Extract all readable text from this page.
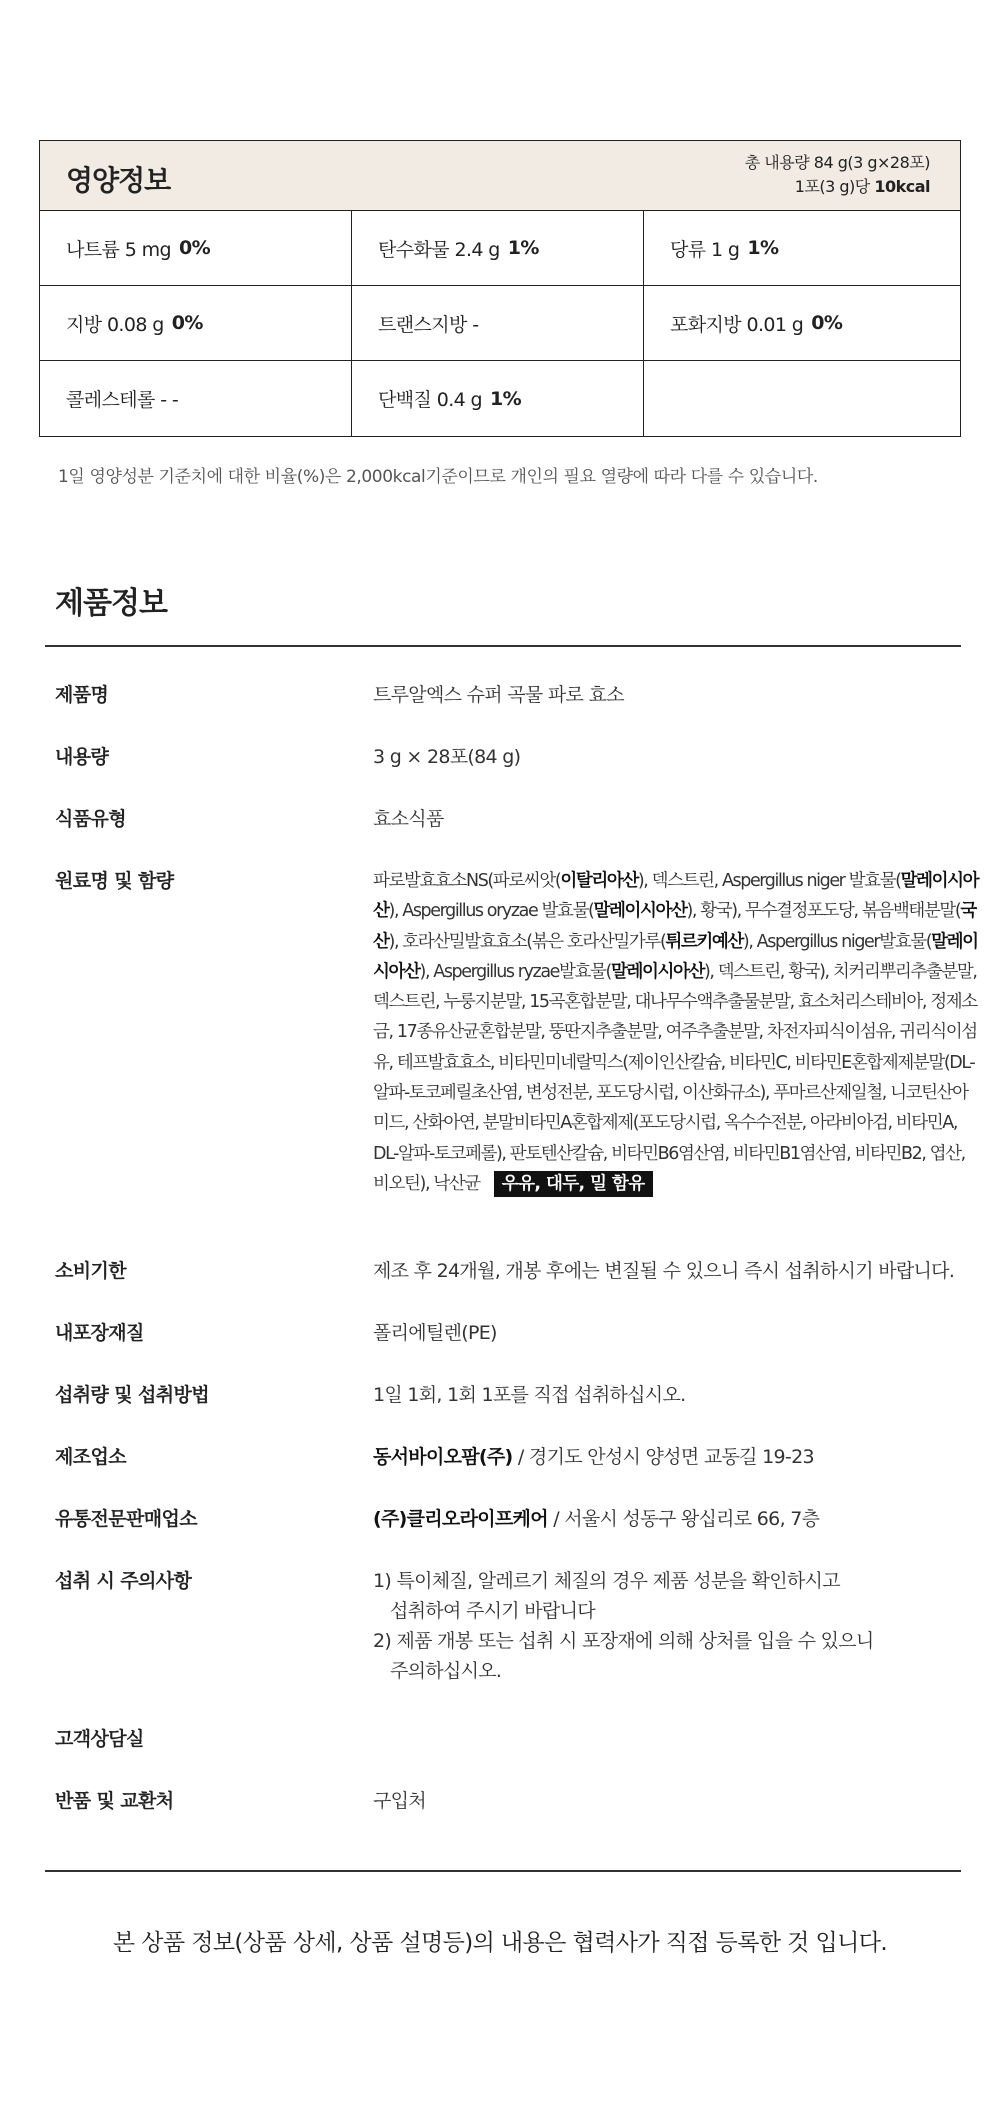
영양정보
총 내용량 84 g(3 g×28포)
1포(3 g)당 10kcal
나트륨 5 mg 0%	탄수화물 2.4 g 1%	당류 1 g 1%
지방 0.08 g 0%	트랜스지방 -	포화지방 0.01 g 0%
콜레스테롤 - -	단백질 0.4 g 1%
1일 영양성분 기준치에 대한 비율(%)은 2,000kcal기준이므로 개인의 필요 열량에 따라 다를 수 있습니다.
제품정보
제품명	트루알엑스 슈퍼 곡물 파로 효소
내용량	3 g × 28포(84 g)
식품유형	효소식품
원료명 및 함량	파로발효효소NS(파로씨앗(이탈리아산), 덱스트린, Aspergillus niger 발효물(말레이시아산), Aspergillus oryzae 발효물(말레이시아산), 황국), 무수결정포도당, 볶음백태분말(국산), 호라산밀발효효소(볶은 호라산밀가루(튀르키예산), Aspergillus niger발효물(말레이시아산), Aspergillus ryzae발효물(말레이시아산), 덱스트린, 황국), 치커리뿌리추출분말, 덱스트린, 누룽지분말, 15곡혼합분말, 대나무수액추출물분말, 효소처리스테비아, 정제소금, 17종유산균혼합분말, 뚱딴지추출분말, 여주추출분말, 차전자피식이섬유, 귀리식이섬유, 테프발효효소, 비타민미네랄믹스(제이인산칼슘, 비타민C, 비타민E혼합제제분말(DL-알파-토코페릴초산염, 변성전분, 포도당시럽, 이산화규소), 푸마르산제일철, 니코틴산아미드, 산화아연, 분말비타민A혼합제제(포도당시럽, 옥수수전분, 아라비아검, 비타민A, DL-알파-토코페롤), 판토텐산칼슘, 비타민B6염산염, 비타민B1염산염, 비타민B2, 엽산, 비오틴), 낙산균 우유, 대두, 밀 함유
소비기한	제조 후 24개월, 개봉 후에는 변질될 수 있으니 즉시 섭취하시기 바랍니다.
내포장재질	폴리에틸렌(PE)
섭취량 및 섭취방법	1일 1회, 1회 1포를 직접 섭취하십시오.
제조업소	동서바이오팜(주) / 경기도 안성시 양성면 교동길 19-23
유통전문판매업소	(주)클리오라이프케어 / 서울시 성동구 왕십리로 66, 7층
섭취 시 주의사항	1) 특이체질, 알레르기 체질의 경우 제품 성분을 확인하시고

섭취하여 주시기 바랍니다

2) 제품 개봉 또는 섭취 시 포장재에 의해 상처를 입을 수 있으니

주의하십시오.

고객상담실
반품 및 교환처	구입처
본 상품 정보(상품 상세, 상품 설명등)의 내용은 협력사가 직접 등록한 것 입니다.
